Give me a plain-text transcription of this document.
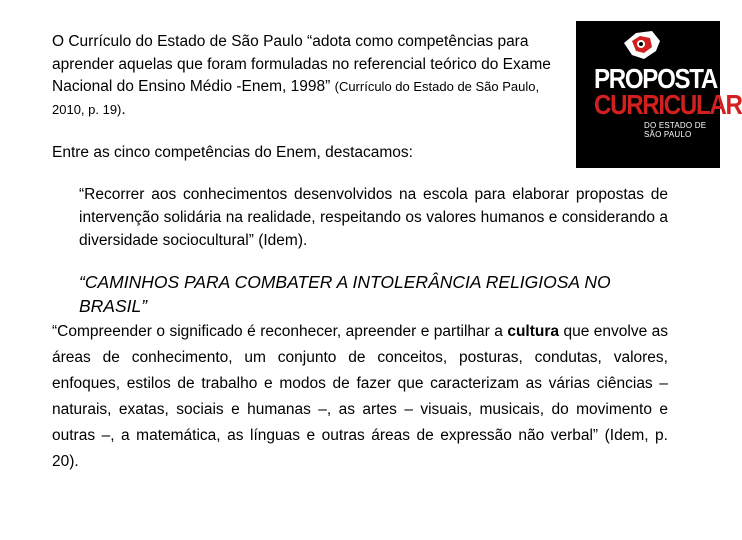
O Currículo do Estado de São Paulo “adota como competências para aprender aquelas que foram formuladas no referencial teórico do Exame Nacional do Ensino Médio -Enem, 1998” (Currículo do Estado de São Paulo, 2010, p. 19).
PROPOSTA
CURRICULAR
DO ESTADO DE SÃO PAULO
Entre as cinco competências do Enem, destacamos:
“Recorrer aos conhecimentos desenvolvidos na escola para elaborar propostas de intervenção solidária na realidade, respeitando os valores humanos e considerando a diversidade sociocultural” (Idem).
“CAMINHOS PARA COMBATER A INTOLERÂNCIA RELIGIOSA NO BRASIL”
“Compreender o significado é reconhecer, apreender e partilhar a cultura que envolve as áreas de conhecimento, um conjunto de conceitos, posturas, condutas, valores, enfoques, estilos de trabalho e modos de fazer que caracterizam as várias ciências – naturais, exatas, sociais e humanas –, as artes – visuais, musicais, do movimento e outras –, a matemática, as línguas e outras áreas de expressão não verbal” (Idem, p. 20).
